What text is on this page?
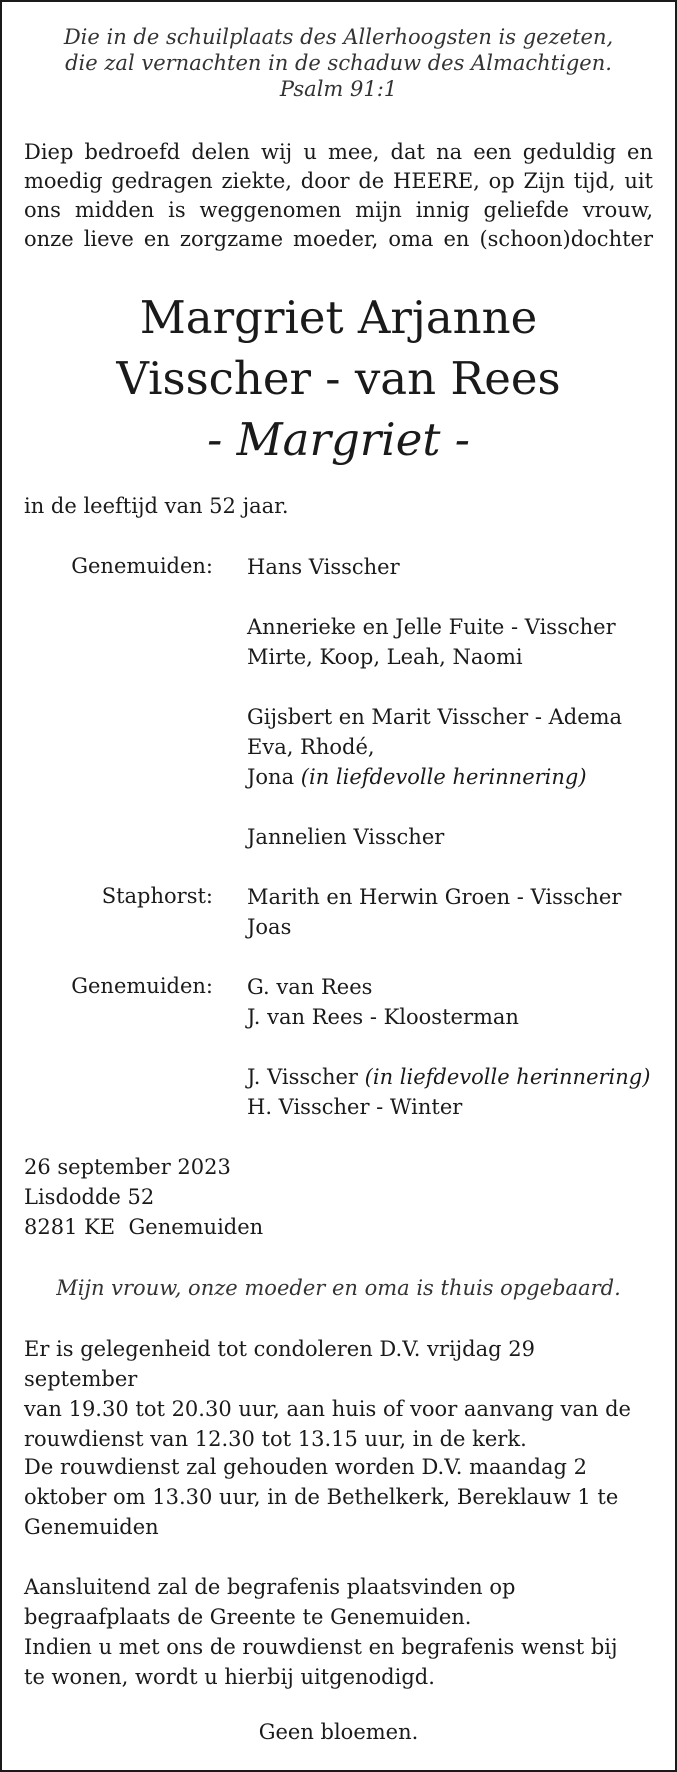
Die in de schuilplaats des Allerhoogsten is gezeten,
die zal vernachten in de schaduw des Almachtigen.
Psalm 91:1
Diep bedroefd delen wij u mee, dat na een geduldig en
moedig gedragen ziekte, door de HEERE, op Zijn tijd, uit
ons midden is weggenomen mijn innig geliefde vrouw,
onze lieve en zorgzame moeder, oma en (schoon)dochter
Margriet Arjanne
Visscher - van Rees
- Margriet -
in de leeftijd van 52 jaar.
Genemuiden: Hans Visscher
Annerieke en Jelle Fuite - Visscher
Mirte, Koop, Leah, Naomi
Gijsbert en Marit Visscher - Adema
Eva, Rhodé,
Jona (in liefdevolle herinnering)
Jannelien Visscher
Staphorst: Marith en Herwin Groen - Visscher
Joas
Genemuiden: G. van Rees
J. van Rees - Kloosterman
J. Visscher (in liefdevolle herinnering)
H. Visscher - Winter
26 september 2023
Lisdodde 52
8281 KE  Genemuiden
Mijn vrouw, onze moeder en oma is thuis opgebaard.
Er is gelegenheid tot condoleren D.V. vrijdag 29 september
van 19.30 tot 20.30 uur, aan huis of voor aanvang van de
rouwdienst van 12.30 tot 13.15 uur, in de kerk.
De rouwdienst zal gehouden worden D.V. maandag 2
oktober om 13.30 uur, in de Bethelkerk, Bereklauw 1 te
Genemuiden
Aansluitend zal de begrafenis plaatsvinden op
begraafplaats de Greente te Genemuiden.
Indien u met ons de rouwdienst en begrafenis wenst bij
te wonen, wordt u hierbij uitgenodigd.
Geen bloemen.
